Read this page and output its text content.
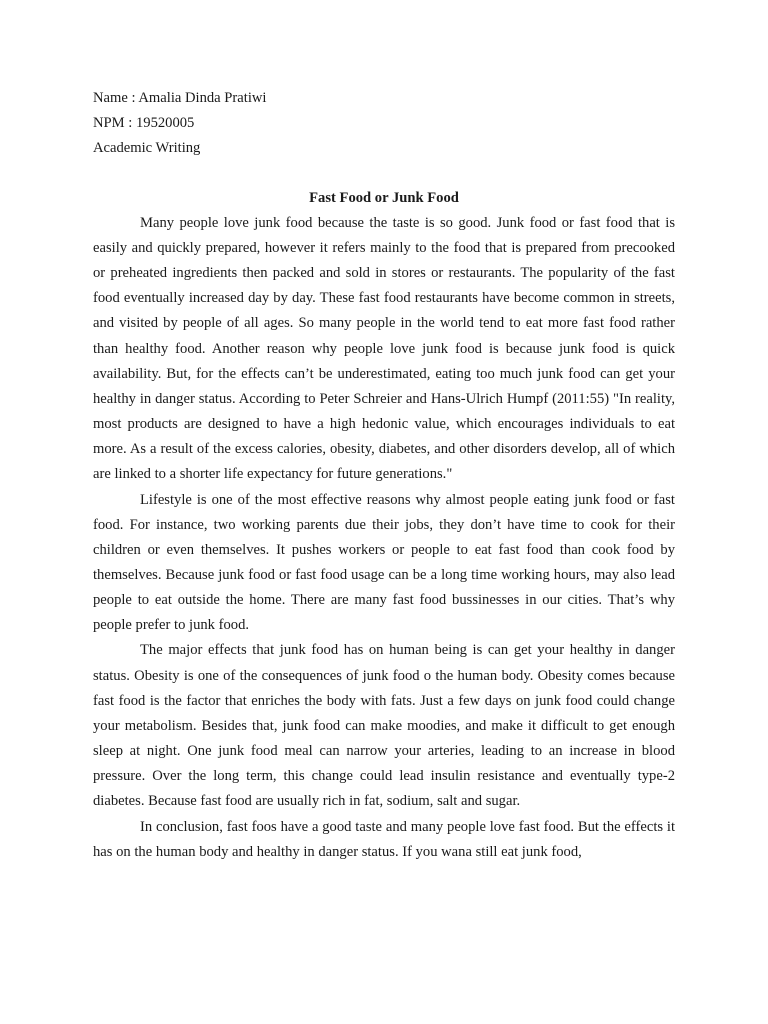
Name : Amalia Dinda Pratiwi

NPM : 19520005

Academic Writing

Fast Food or Junk Food

Many people love junk food because the taste is so good. Junk food or fast food that is easily and quickly prepared, however it refers mainly to the food that is prepared from precooked or preheated ingredients then packed and sold in stores or restaurants. The popularity of the fast food eventually increased day by day. These fast food restaurants have become common in streets, and visited by people of all ages. So many people in the world tend to eat more fast food rather than healthy food. Another reason why people love junk food is because junk food is quick availability. But, for the effects can’t be underestimated, eating too much junk food can get your healthy in danger status. According to Peter Schreier and Hans-Ulrich Humpf (2011:55) "In reality, most products are designed to have a high hedonic value, which encourages individuals to eat more. As a result of the excess calories, obesity, diabetes, and other disorders develop, all of which are linked to a shorter life expectancy for future generations."

Lifestyle is one of the most effective reasons why almost people eating junk food or fast food. For instance, two working parents due their jobs, they don’t have time to cook for their children or even themselves. It pushes workers or people to eat fast food than cook food by themselves. Because junk food or fast food usage can be a long time working hours, may also lead people to eat outside the home. There are many fast food bussinesses in our cities. That’s why people prefer to junk food.

The major effects that junk food has on human being is can get your healthy in danger status. Obesity is one of the consequences of junk food o the human body. Obesity comes because fast food is the factor that enriches the body with fats. Just a few days on junk food could change your metabolism. Besides that, junk food can make moodies, and make it difficult to get enough sleep at night. One junk food meal can narrow your arteries, leading to an increase in blood pressure. Over the long term, this change could lead insulin resistance and eventually type-2 diabetes. Because fast food are usually rich in fat, sodium, salt and sugar.

In conclusion, fast foos have a good taste and many people love fast food. But the effects it has on the human body and healthy in danger status. If you wana still eat junk food,
